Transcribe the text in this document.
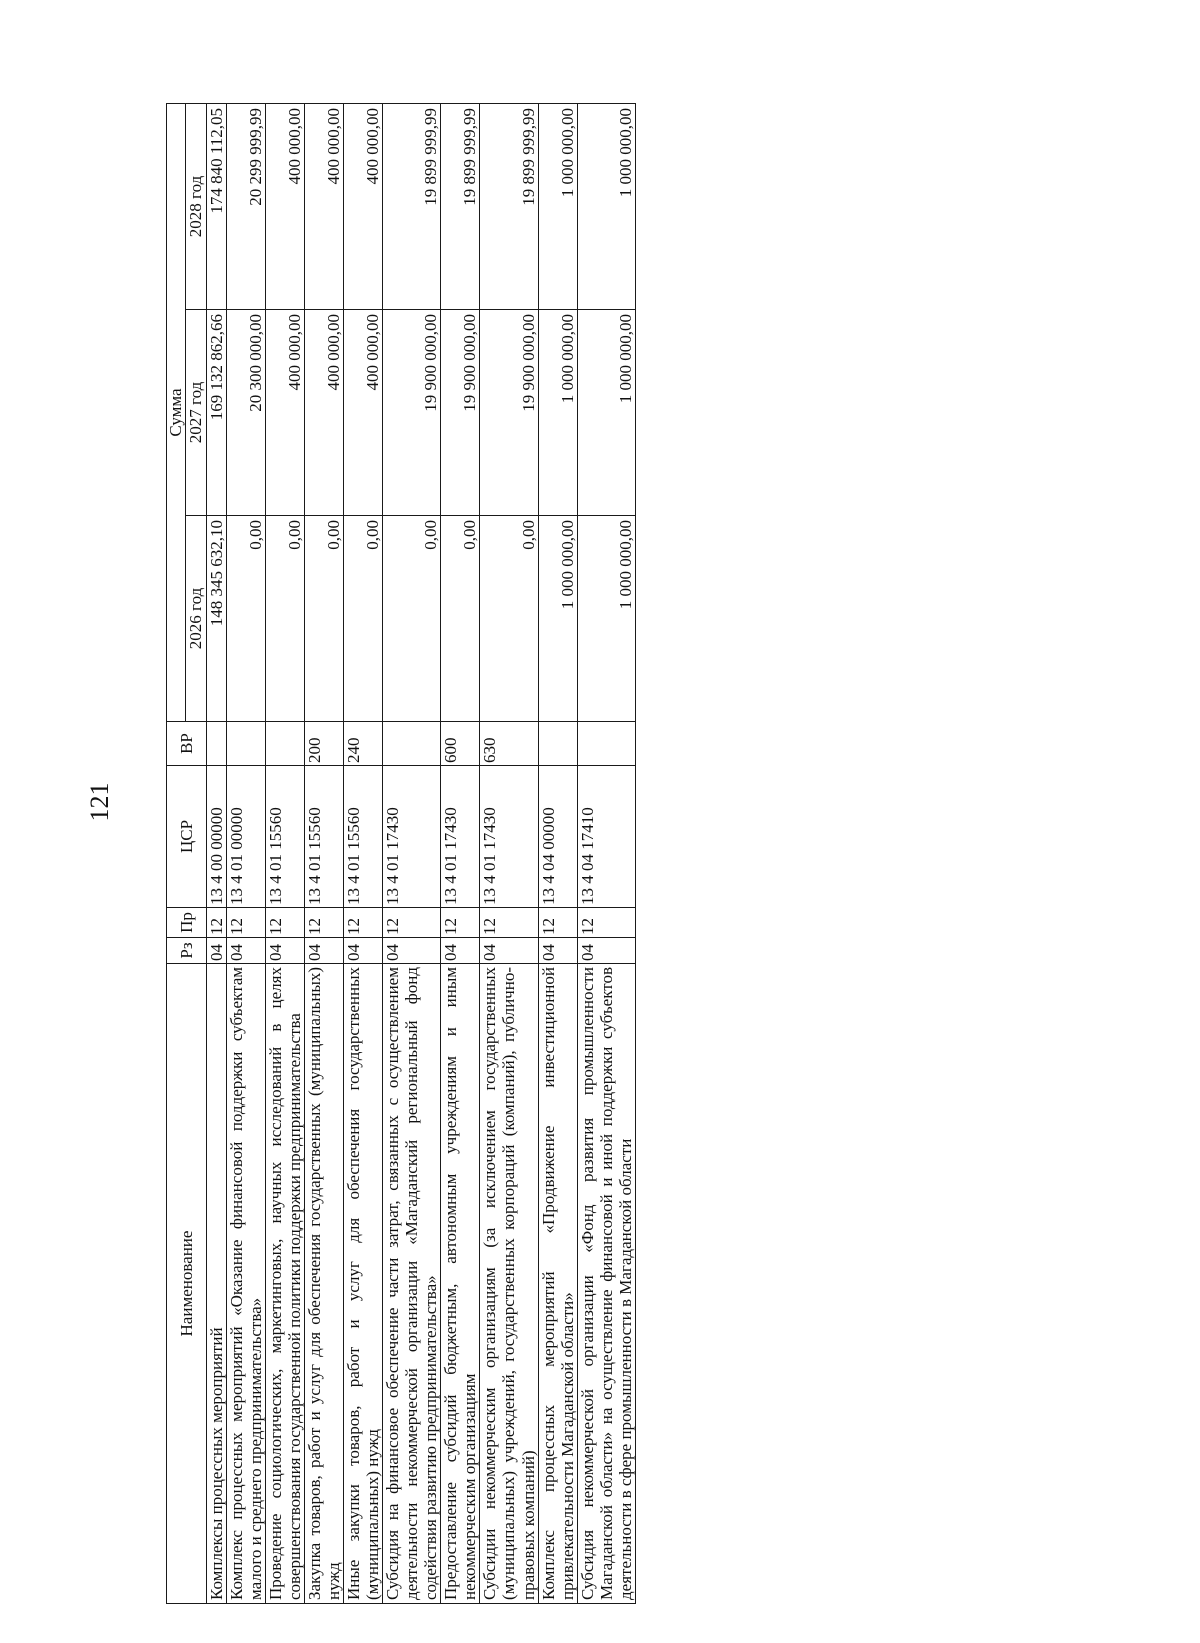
121
Наименование	Рз	Пр	ЦСР	ВР	Сумма		
					2026 год	2027 год	2028 год
Комплексы процессных мероприятий	04	12	13 4 00 00000		148 345 632,10	169 132 862,66	174 840 112,05
Комплекс процессных мероприятий «Оказание финансовой поддержки субъектам малого и среднего предпринимательства»	04	12	13 4 01 00000		0,00	20 300 000,00	20 299 999,99
Проведение социологических, маркетинговых, научных исследований в целях совершенствования государственной политики поддержки предпринимательства	04	12	13 4 01 15560		0,00	400 000,00	400 000,00
Закупка товаров, работ и услуг для обеспечения государственных (муниципальных) нужд	04	12	13 4 01 15560	200	0,00	400 000,00	400 000,00
Иные закупки товаров, работ и услуг для обеспечения государственных (муниципальных) нужд	04	12	13 4 01 15560	240	0,00	400 000,00	400 000,00
Субсидия на финансовое обеспечение части затрат, связанных с осуществлением деятельности некоммерческой организации «Магаданский региональный фонд содействия развитию предпринимательства»	04	12	13 4 01 17430		0,00	19 900 000,00	19 899 999,99
Предоставление субсидий бюджетным, автономным учреждениям и иным некоммерческим организациям	04	12	13 4 01 17430	600	0,00	19 900 000,00	19 899 999,99
Субсидии некоммерческим организациям (за исключением государственных (муниципальных) учреждений, государственных корпораций (компаний), публично-правовых компаний)	04	12	13 4 01 17430	630	0,00	19 900 000,00	19 899 999,99
Комплекс процессных мероприятий «Продвижение инвестиционной привлекательности Магаданской области»	04	12	13 4 04 00000		1 000 000,00	1 000 000,00	1 000 000,00
Субсидия некоммерческой организации «Фонд развития промышленности Магаданской области» на осуществление финансовой и иной поддержки субъектов деятельности в сфере промышленности в Магаданской области	04	12	13 4 04 17410		1 000 000,00	1 000 000,00	1 000 000,00
